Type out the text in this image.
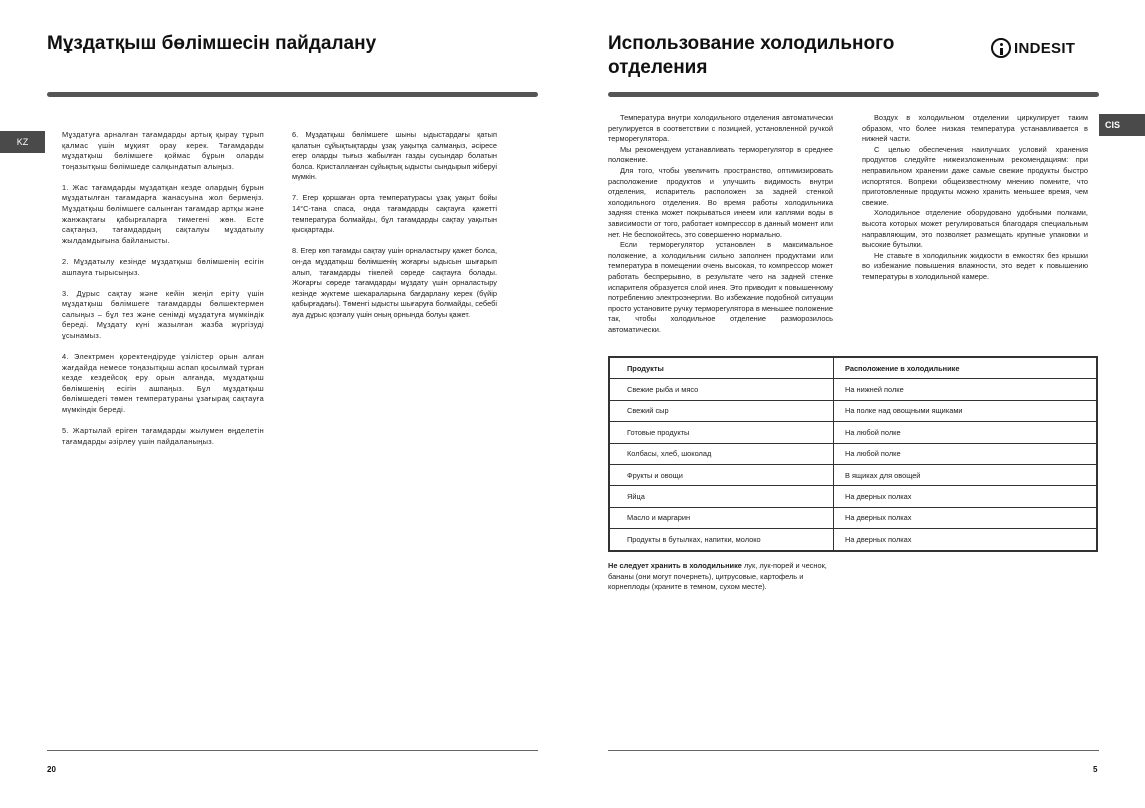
Мұздатқыш бөлімшесін пайдалану
KZ

Мұздатуға арналған тағамдарды артық қырау тұрып қалмас үшін мұқият орау керек. Тағамдарды мұздатқыш бөлімшеге қоймас бұрын оларды тоңазытқыш бөлімшеде салқындатып алыңыз.

1. Жас тағамдарды мұздатқан кезде олардың бұрын мұздатылған тағамдарға жанасуына жол бермеңіз. Мұздатқыш бөлімшеге салынған тағамдар артқы және жанжақтағы қабырғаларға тимегені жөн. Есте сақтаңыз, тағамдардың сақталуы мұздатылу жылдамдығына байланысты.

2. Мұздатылу кезінде мұздатқыш бөлімшенің есігін ашпауға тырысыңыз.

3. Дұрыс сақтау және кейін жеңіл еріту үшін мұздатқыш бөлімшеге тағамдарды бөлшектермен салыңыз – бұл тез және сенімді мұздатуға мүмкіндік береді. Мұздату күні жазылған жазба жүргізуді ұсынамыз.

4. Электрмен қоректендіруде үзілістер орын алған жағдайда немесе тоңазытқыш аспап қосылмай тұрған кезде кездейсоқ еру орын алғанда, мұздатқыш бөлімшенің есігін ашпаңыз. Бұл мұздатқыш бөлімшедегі төмен температураны ұзағырақ сақтауға мүмкіндік береді.

5. Жартылай еріген тағамдарды жылумен өңделетін тағамдарды әзірлеу үшін пайдаланыңыз.

6. Мұздатқыш бөлімшеге шыны ыдыстардағы қатып қалатын сұйықтықтарды ұзақ уақытқа салмаңыз, әсіресе егер оларды тығыз жабылған газды сусындар болатын болса. Кристалланған сұйықтық ыдысты сындырып жіберуі мүмкін.

7. Егер қоршаған орта температурасы ұзақ уақыт бойы 14°C-тана спаса, онда тағамдарды сақтауға қажетті температура болмайды, бұл тағамдарды сақтау уақытын қысқартады.

8. Егер көп тағамды сақтау үшін орналастыру қажет болса, он-да мұздатқыш бөлімшенің жоғарғы ыдысын шығарып алып, тағамдарды тікелей сөреде сақтауға болады. Жоғарғы сөреде тағамдарды мұздату үшін орналастыру кезінде жүктеме шекараларына бағдарлану керек (бүйір қабырғадағы). Төменгі ыдысты шығаруға болмайды, себебі ауа дұрыс қозғалу үшін оның орнында болуы қажет.

20
Использование холодильного
отделения
INDESIT
CIS

Температура внутри холодильного отделения автоматически регулируется в соответствии с позицией, установленной ручкой терморегулятора.

Мы рекомендуем устанавливать терморегулятор в среднее положение.

Для того, чтобы увеличить пространство, оптимизировать расположение продуктов и улучшить видимость внутри отделения, испаритель расположен за задней стенкой холодильного отделения. Во время работы холодильника задняя стенка может покрываться инеем или каплями воды в зависимости от того, работает компрессор в данный момент или нет. Не беспокойтесь, это совершенно нормально.

Если терморегулятор установлен в максимальное положение, а холодильник сильно заполнен продуктами или температура в помещении очень высокая, то компрессор может работать беспрерывно, в результате чего на задней стенке испарителя образуется слой инея. Это приводит к повышенному потреблению электроэнергии. Во избежание подобной ситуации просто установите ручку терморегулятора в меньшее положение так, чтобы холодильное отделение разморозилось автоматически.

Воздух в холодильном отделении циркулирует таким образом, что более низкая температура устанавливается в нижней части.

С целью обеспечения наилучших условий хранения продуктов следуйте нижеизложенным рекомендациям: при неправильном хранении даже самые свежие продукты быстро испортятся. Вопреки общеизвестному мнению помните, что приготовленные продукты можно хранить меньшее время, чем свежие.

Холодильное отделение оборудовано удобными полками, высота которых может регулироваться благодаря специальным направляющим, это позволяет размещать крупные упаковки и высокие бутылки.

Не ставьте в холодильник жидкости в емкостях без крышки во избежание повышения влажности, это ведет к повышению температуры в холодильной камере.

Продукты	Расположение в холодильнике
Свежие рыба и мясо	На нижней полке
Свежий сыр	На полке над овощными ящиками
Готовые продукты	На любой полке
Колбасы, хлеб, шоколад	На любой полке
Фрукты и овощи	В ящиках для овощей
Яйца	На дверных полках
Масло и маргарин	На дверных полках
Продукты в бутылках, напитки, молоко	На дверных полках
Не следует хранить в холодильнике лук, лук-порей и чеснок, бананы (они могут почернеть), цитрусовые, картофель и корнеплоды (храните в темном, сухом месте).
5
